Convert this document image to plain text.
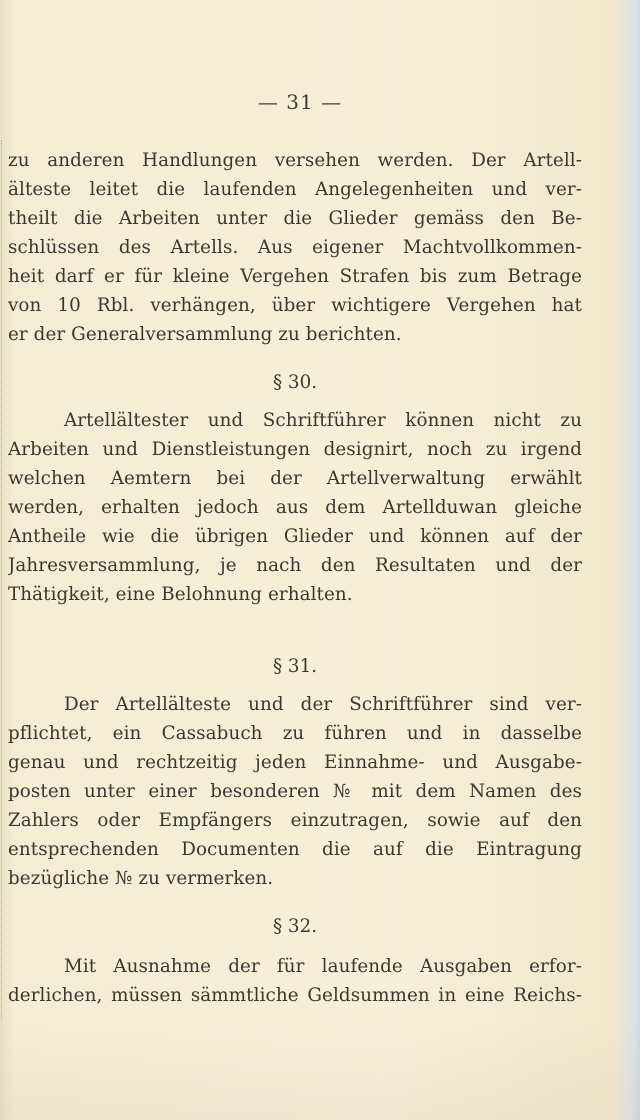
— 31 —
zu anderen Handlungen versehen werden. Der Artell-
älteste leitet die laufenden Angelegenheiten und ver-
theilt die Arbeiten unter die Glieder gemäss den Be-
schlüssen des Artells. Aus eigener Machtvollkommen-
heit darf er für kleine Vergehen Strafen bis zum Betrage
von 10 Rbl. verhängen, über wichtigere Vergehen hat
er der Generalversammlung zu berichten.
§ 30.
Artellältester und Schriftführer können nicht zu
Arbeiten und Dienstleistungen designirt, noch zu irgend
welchen Aemtern bei der Artellverwaltung erwählt
werden, erhalten jedoch aus dem Artellduwan gleiche
Antheile wie die übrigen Glieder und können auf der
Jahresversammlung, je nach den Resultaten und der
Thätigkeit, eine Belohnung erhalten.
§ 31.
Der Artellälteste und der Schriftführer sind ver-
pflichtet, ein Cassabuch zu führen und in dasselbe
genau und rechtzeitig jeden Einnahme- und Ausgabe-
posten unter einer besonderen № mit dem Namen des
Zahlers oder Empfängers einzutragen, sowie auf den
entsprechenden Documenten die auf die Eintragung
bezügliche № zu vermerken.
§ 32.
Mit Ausnahme der für laufende Ausgaben erfor-
derlichen, müssen sämmtliche Geldsummen in eine Reichs-
